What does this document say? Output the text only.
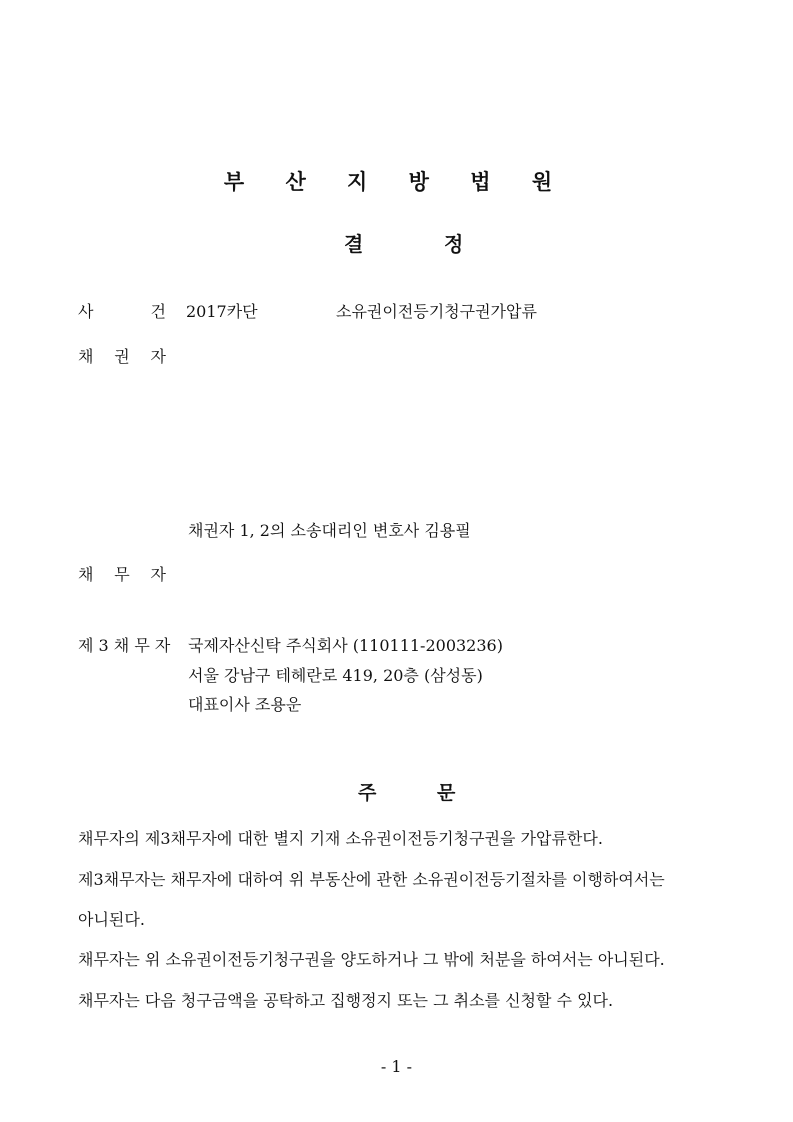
부 산 지 방 법 원
결	정
사	건 2017카단	소유권이전등기청구권가압류
채 권 자
채권자 1, 2의 소송대리인 변호사 김용필
채 무 자
제 3 채 무 자 국제자산신탁 주식회사 (110111-2003236)
서울 강남구 테헤란로 419, 20층 (삼성동)
대표이사 조용운
주	문
채무자의 제3채무자에 대한 별지 기재 소유권이전등기청구권을 가압류한다.
제3채무자는 채무자에 대하여 위 부동산에 관한 소유권이전등기절차를 이행하여서는
아니된다.
채무자는 위 소유권이전등기청구권을 양도하거나 그 밖에 처분을 하여서는 아니된다.
채무자는 다음 청구금액을 공탁하고 집행정지 또는 그 취소를 신청할 수 있다.
- 1 -
